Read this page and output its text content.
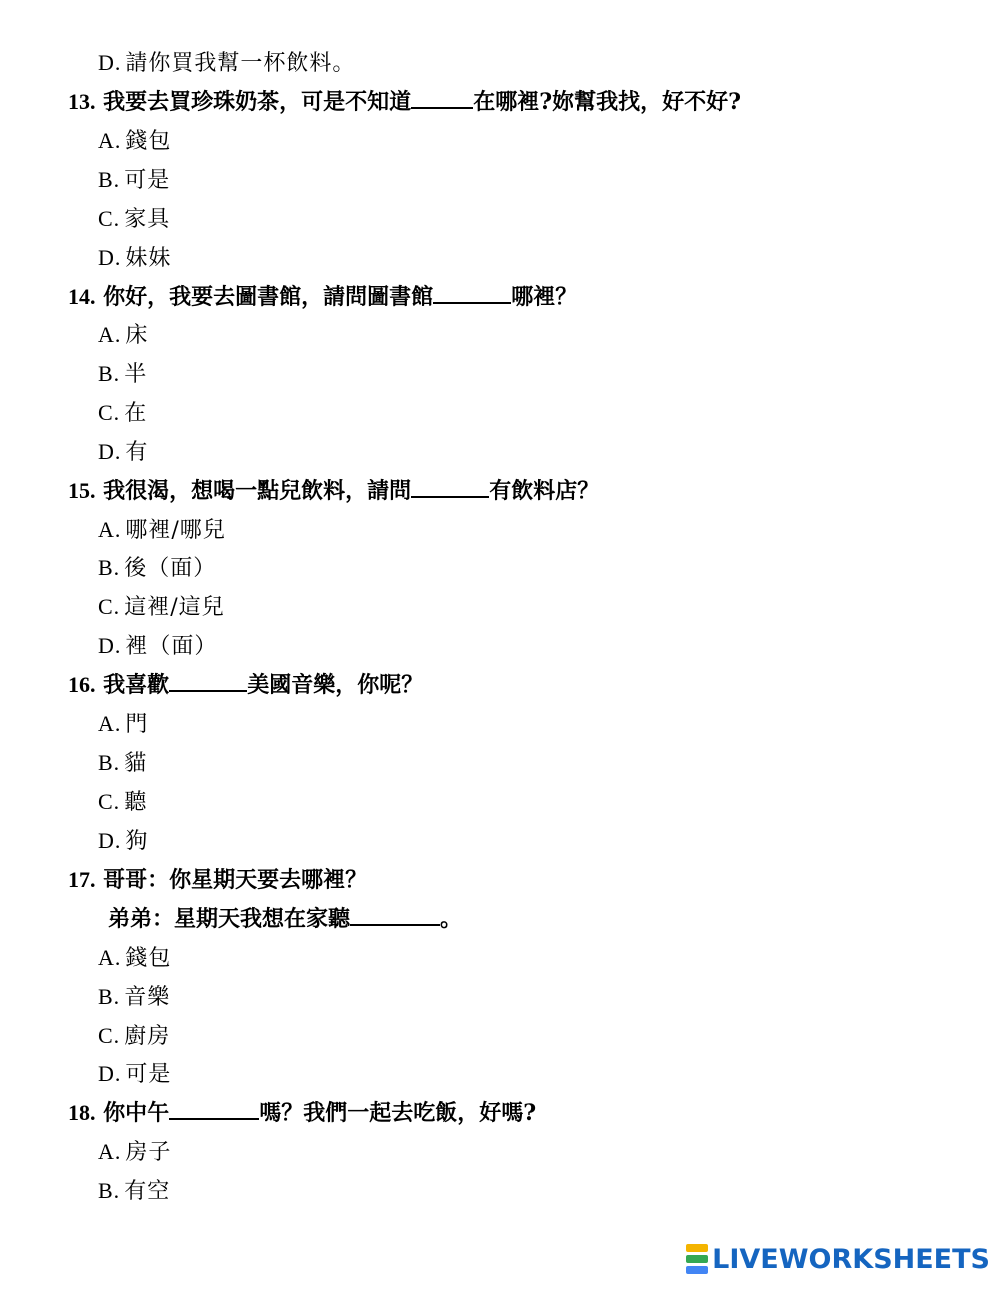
D. 請你買我幫一杯飲料。
13. 我要去買珍珠奶茶，可是不知道	在哪裡?妳幫我找，好不好?
A. 錢包
B. 可是
C. 家具
D. 妹妹
14. 你好，我要去圖書館，請問圖書館	哪裡？
A. 床
B. 半
C. 在
D. 有
15. 我很渴，想喝一點兒飲料，請問	有飲料店？
A. 哪裡/哪兒
B. 後（面）
C. 這裡/這兒
D. 裡（面）
16. 我喜歡	美國音樂，你呢？
A. 門
B. 貓
C. 聽
D. 狗
17. 哥哥：你星期天要去哪裡？
弟弟：星期天我想在家聽	。
A. 錢包
B. 音樂
C. 廚房
D. 可是
18. 你中午	嗎？我們一起去吃飯，好嗎?
A. 房子
B. 有空
LIVEWORKSHEETS
